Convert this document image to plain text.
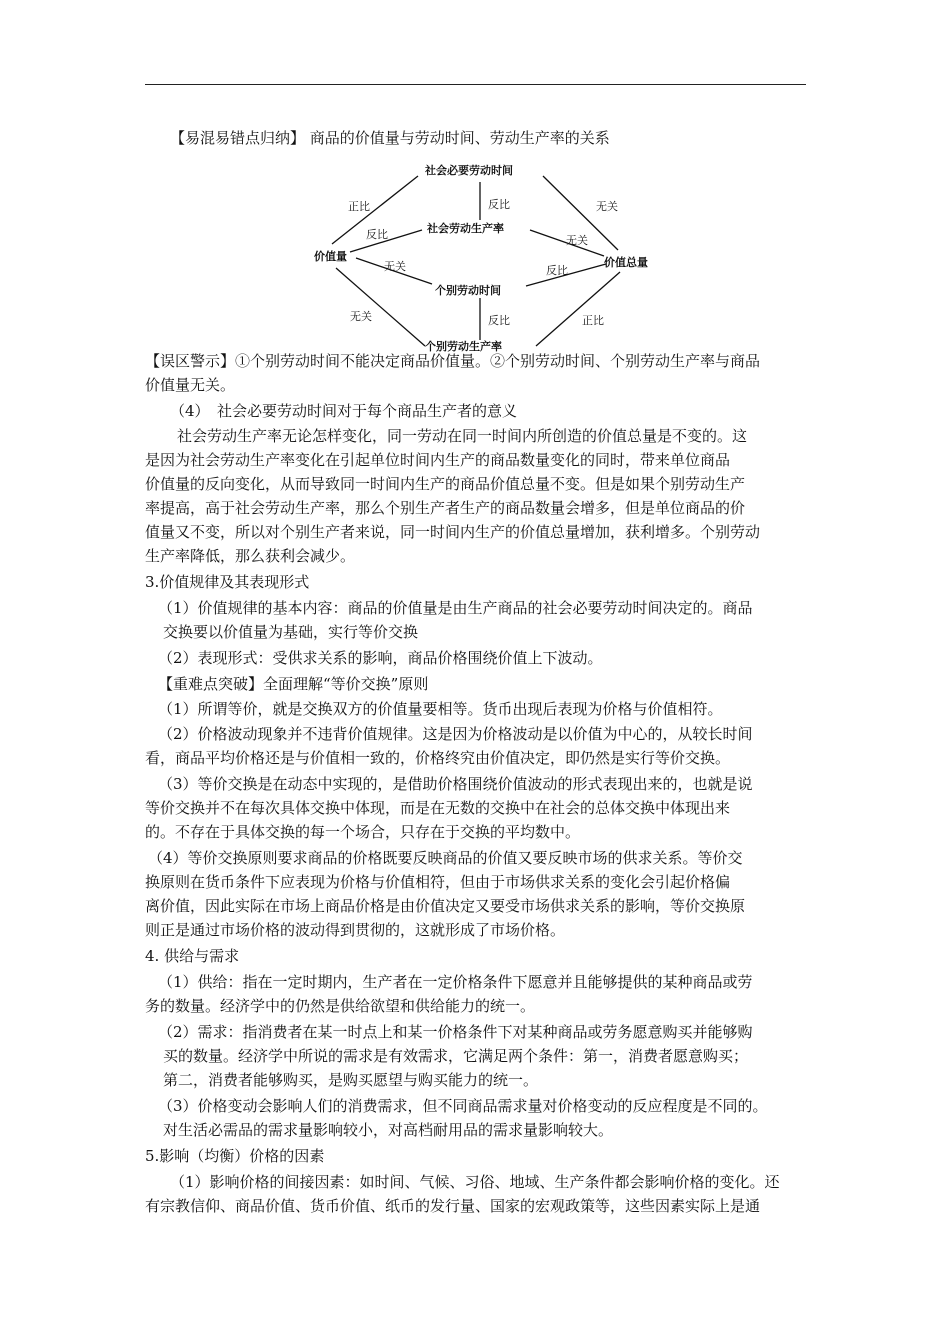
【易混易错点归纳】 商品的价值量与劳动时间、劳动生产率的关系
社会必要劳动时间
价值量	价值总量
社会劳动生产率
个别劳动时间
个别劳动生产率
正比	无关
反比
反比	无关
无关	反比
无关	反比	正比
【误区警示】①个别劳动时间不能决定商品价值量。②个别劳动时间、个别劳动生产率与商品
价值量无关。
（4）　社会必要劳动时间对于每个商品生产者的意义
社会劳动生产率无论怎样变化，同一劳动在同一时间内所创造的价值总量是不变的。这
是因为社会劳动生产率变化在引起单位时间内生产的商品数量变化的同时，带来单位商品
价值量的反向变化，从而导致同一时间内生产的商品价值总量不变。但是如果个别劳动生产
率提高，高于社会劳动生产率，那么个别生产者生产的商品数量会增多，但是单位商品的价
值量又不变，所以对个别生产者来说，同一时间内生产的价值总量增加，获利增多。个别劳动
生产率降低，那么获利会减少。
3.价值规律及其表现形式
（1）价值规律的基本内容：商品的价值量是由生产商品的社会必要劳动时间决定的。商品
交换要以价值量为基础，实行等价交换
（2）表现形式：受供求关系的影响，商品价格围绕价值上下波动。
【重难点突破】全面理解“等价交换”原则
（1）所谓等价，就是交换双方的价值量要相等。货币出现后表现为价格与价值相符。
（2）价格波动现象并不违背价值规律。这是因为价格波动是以价值为中心的，从较长时间
看，商品平均价格还是与价值相一致的，价格终究由价值决定，即仍然是实行等价交换。
（3）等价交换是在动态中实现的，是借助价格围绕价值波动的形式表现出来的，也就是说
等价交换并不在每次具体交换中体现，而是在无数的交换中在社会的总体交换中体现出来
的。不存在于具体交换的每一个场合，只存在于交换的平均数中。
（4）等价交换原则要求商品的价格既要反映商品的价值又要反映市场的供求关系。等价交
换原则在货币条件下应表现为价格与价值相符，但由于市场供求关系的变化会引起价格偏
离价值，因此实际在市场上商品价格是由价值决定又要受市场供求关系的影响，等价交换原
则正是通过市场价格的波动得到贯彻的，这就形成了市场价格。
4. 供给与需求
（1）供给：指在一定时期内，生产者在一定价格条件下愿意并且能够提供的某种商品或劳
务的数量。经济学中的仍然是供给欲望和供给能力的统一。
（2）需求：指消费者在某一时点上和某一价格条件下对某种商品或劳务愿意购买并能够购
买的数量。经济学中所说的需求是有效需求，它满足两个条件：第一，消费者愿意购买；
第二，消费者能够购买，是购买愿望与购买能力的统一。
（3）价格变动会影响人们的消费需求，但不同商品需求量对价格变动的反应程度是不同的。
对生活必需品的需求量影响较小，对高档耐用品的需求量影响较大。
5.影响（均衡）价格的因素
（1）影响价格的间接因素：如时间、气候、习俗、地域、生产条件都会影响价格的变化。还
有宗教信仰、商品价值、货币价值、纸币的发行量、国家的宏观政策等，这些因素实际上是通
